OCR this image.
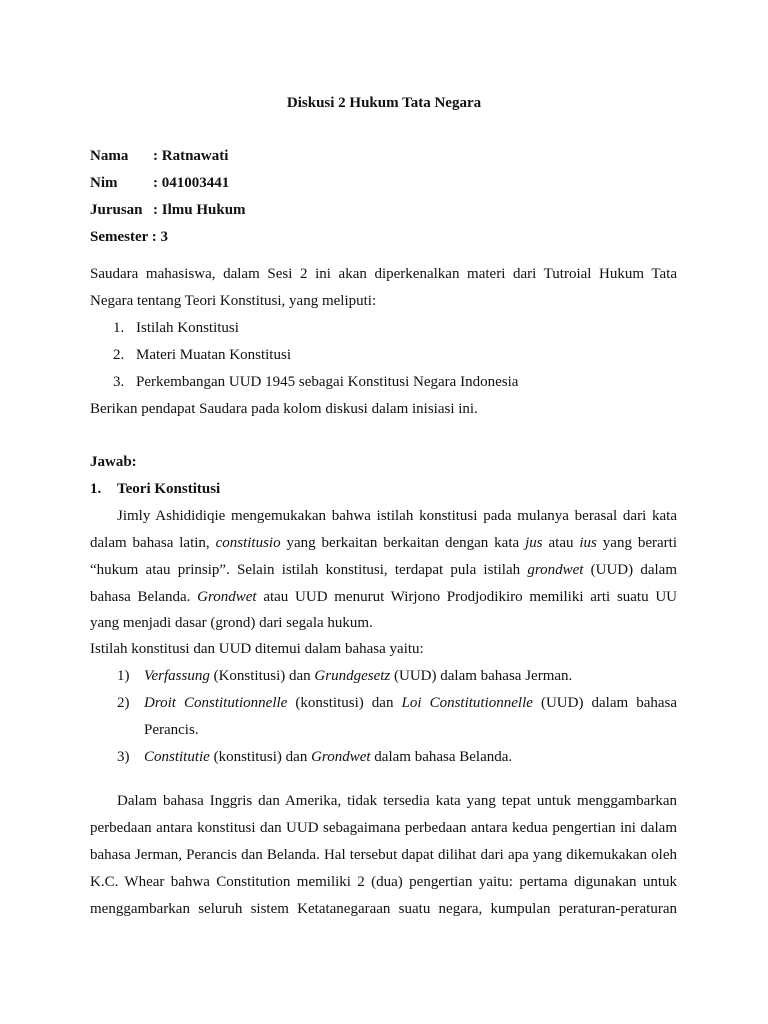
Diskusi 2 Hukum Tata Negara
Nama : Ratnawati
Nim : 041003441
Jurusan : Ilmu Hukum
Semester : 3
Saudara mahasiswa, dalam Sesi 2 ini akan diperkenalkan materi dari Tutroial Hukum Tata
Negara tentang Teori Konstitusi, yang meliputi:
1. Istilah Konstitusi
2. Materi Muatan Konstitusi
3. Perkembangan UUD 1945 sebagai Konstitusi Negara Indonesia
Berikan pendapat Saudara pada kolom diskusi dalam inisiasi ini.
Jawab:
1. Teori Konstitusi
Jimly Ashididiqie mengemukakan bahwa istilah konstitusi pada mulanya berasal dari kata
dalam bahasa latin, constitusio yang berkaitan berkaitan dengan kata jus atau ius yang berarti
“hukum atau prinsip”. Selain istilah konstitusi, terdapat pula istilah grondwet (UUD) dalam
bahasa Belanda. Grondwet atau UUD menurut Wirjono Prodjodikiro memiliki arti suatu UU
yang menjadi dasar (grond) dari segala hukum.
Istilah konstitusi dan UUD ditemui dalam bahasa yaitu:
1) Verfassung (Konstitusi) dan Grundgesetz (UUD) dalam bahasa Jerman.
2) Droit Constitutionnelle (konstitusi) dan Loi Constitutionnelle (UUD) dalam bahasa
Perancis.
3) Constitutie (konstitusi) dan Grondwet dalam bahasa Belanda.
Dalam bahasa Inggris dan Amerika, tidak tersedia kata yang tepat untuk menggambarkan
perbedaan antara konstitusi dan UUD sebagaimana perbedaan antara kedua pengertian ini dalam
bahasa Jerman, Perancis dan Belanda. Hal tersebut dapat dilihat dari apa yang dikemukakan oleh
K.C. Whear bahwa Constitution memiliki 2 (dua) pengertian yaitu: pertama digunakan untuk
menggambarkan seluruh sistem Ketatanegaraan suatu negara, kumpulan peraturan-peraturan
